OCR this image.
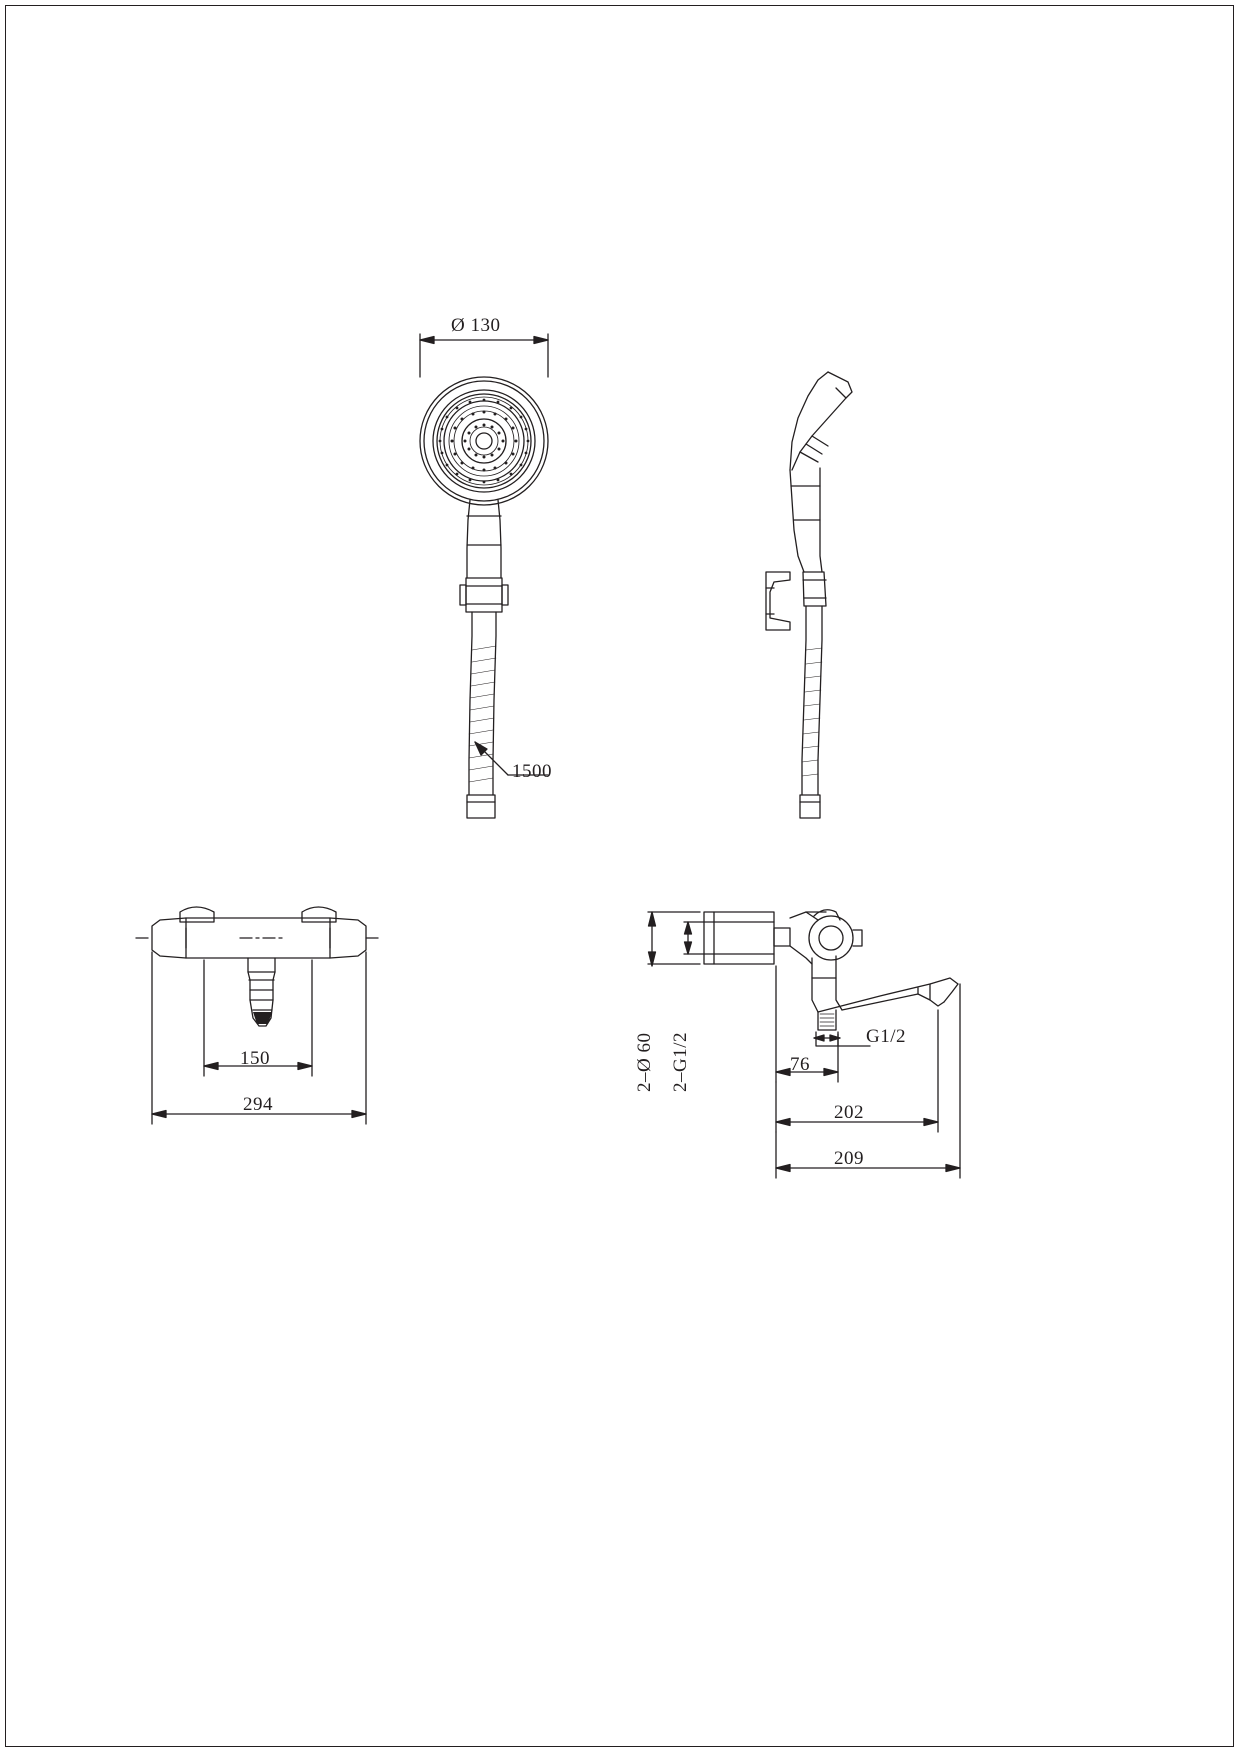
Ø 130
1500
150
294
2–Ø 60 2–G1/2	G1/2
76
202
209
